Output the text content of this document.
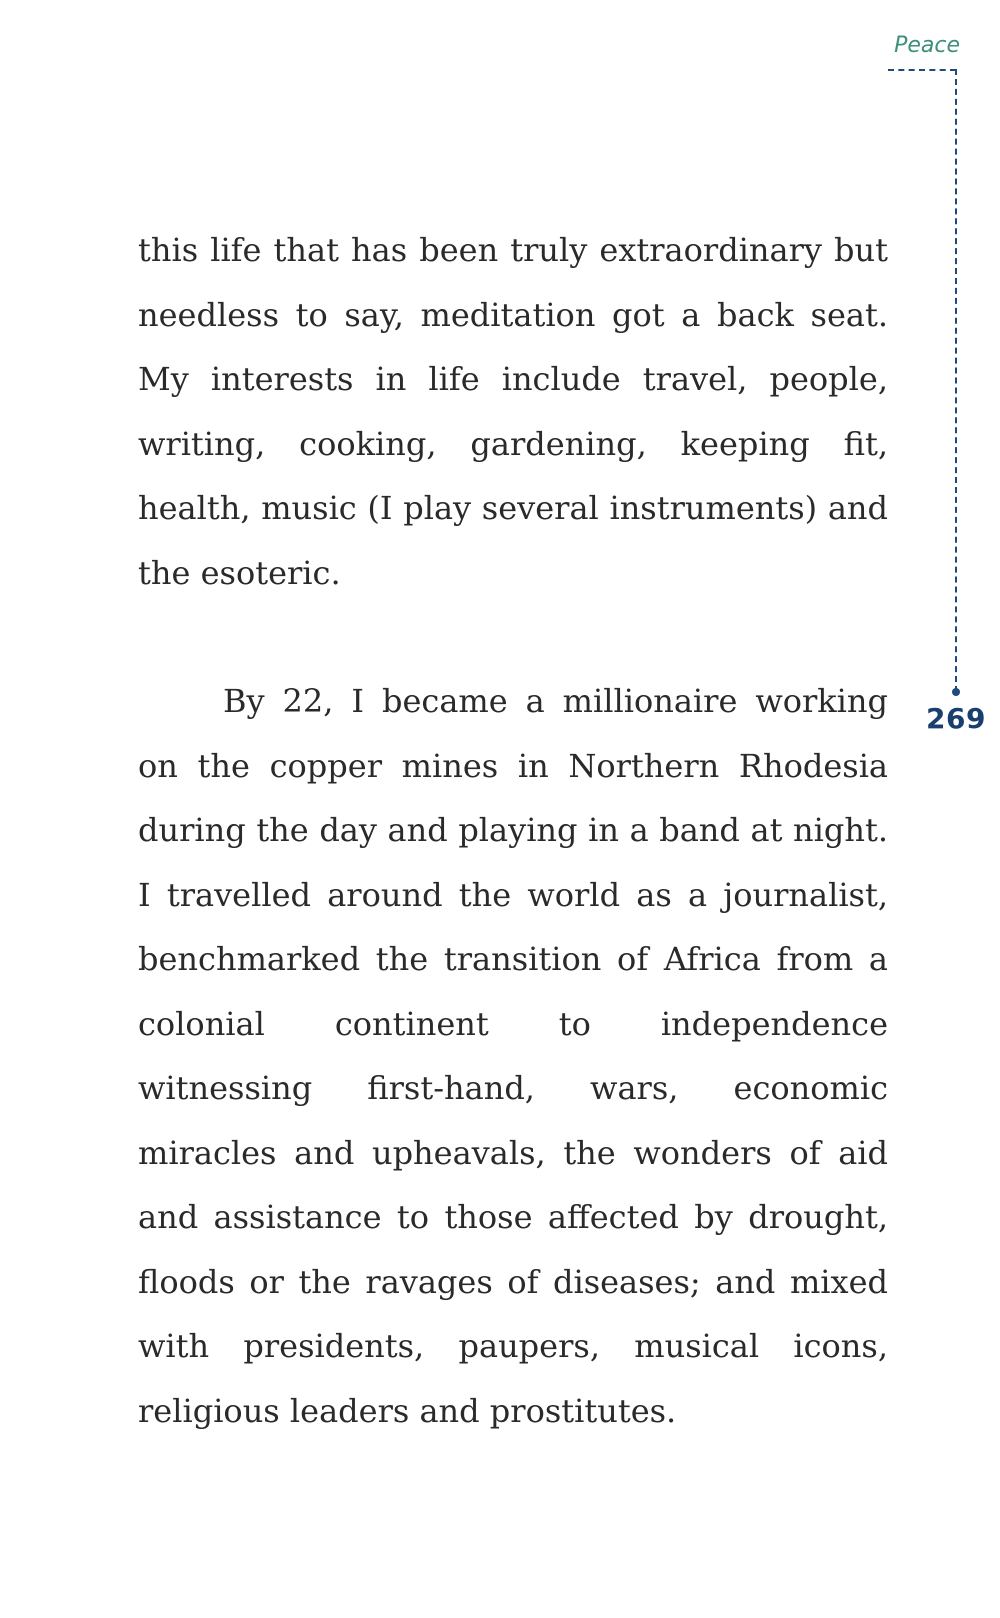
Peace
269

this life that has been truly extraordinary but needless to say, meditation got a back seat. My interests in life include travel, people, writing, cooking, gardening, keeping fit, health, music (I play several instruments) and the esoteric.

By 22, I became a millionaire working on the copper mines in Northern Rhodesia during the day and playing in a band at night. I travelled around the world as a journalist, benchmarked the transition of Africa from a colonial continent to independence witnessing first-hand, wars, economic miracles and upheavals, the wonders of aid and assistance to those affected by drought, floods or the ravages of diseases; and mixed with presidents, paupers, musical icons, religious leaders and prostitutes.
